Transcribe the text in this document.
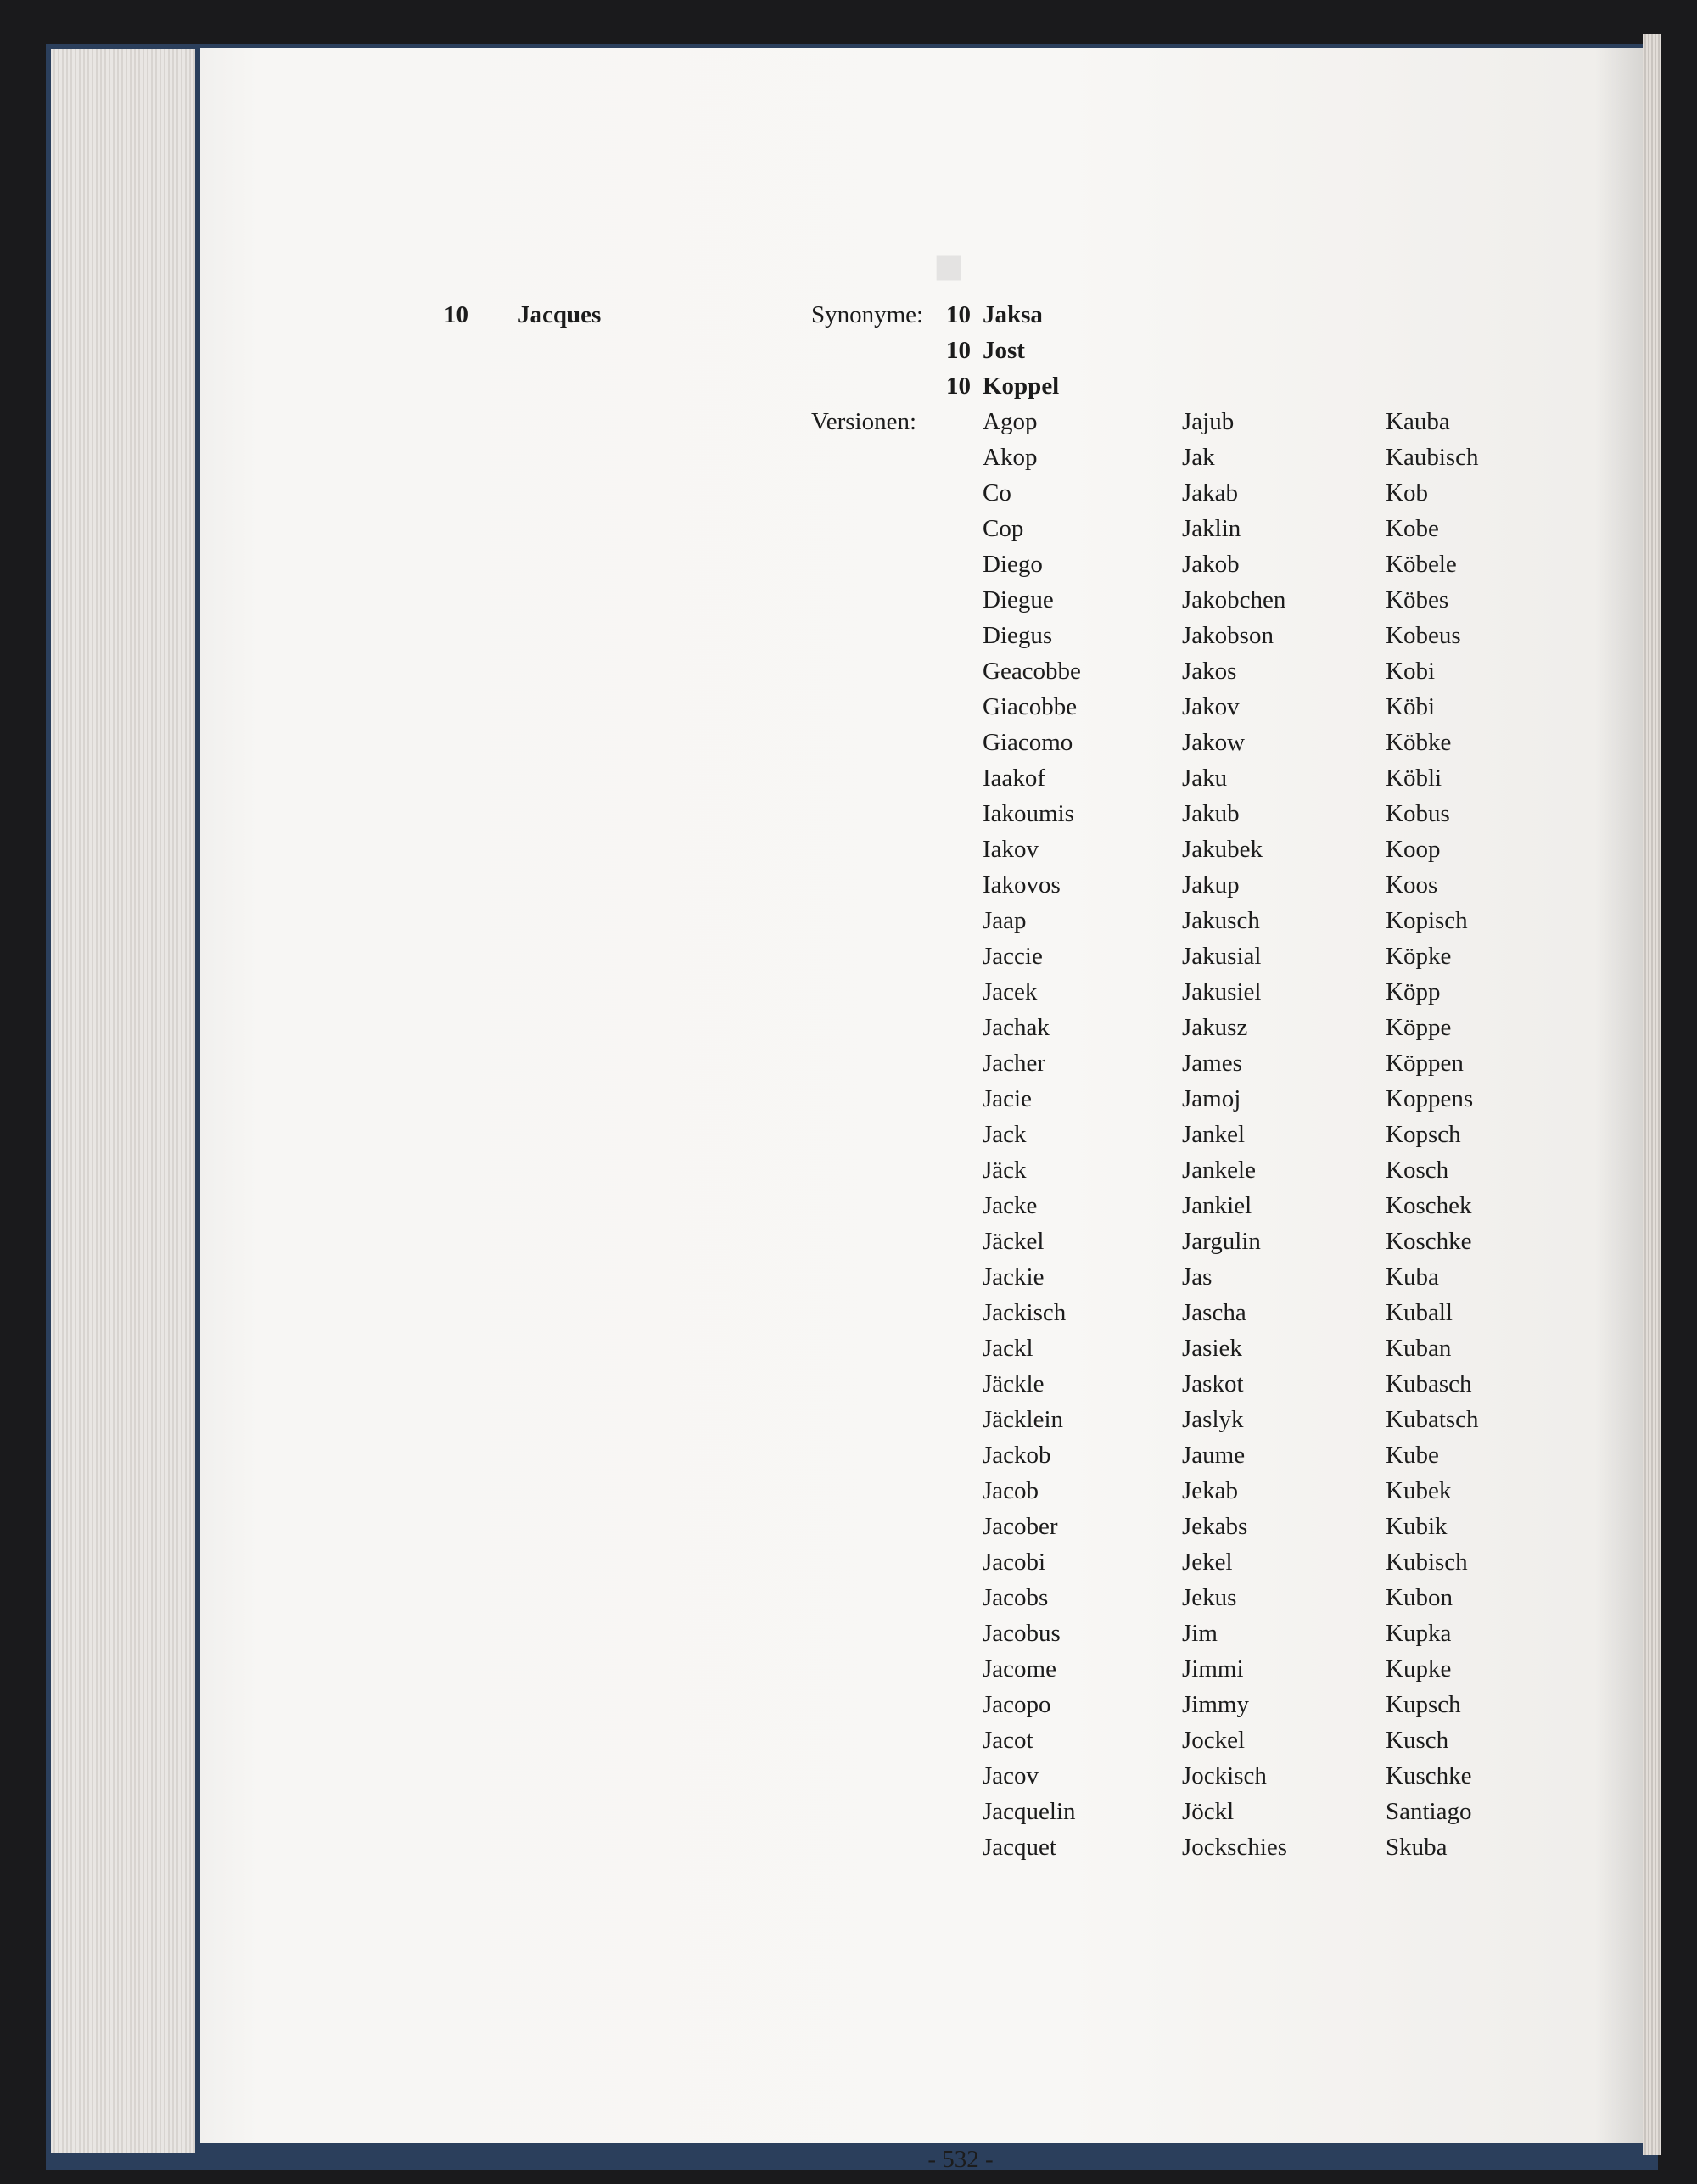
■
10 Jacques	Synonyme: 10 Jaksa
10 Jost
10 Koppel
Versionen:	Agop
Akop
Co
Cop
Diego
Diegue
Diegus
Geacobbe
Giacobbe
Giacomo
Iaakof
Iakoumis
Iakov
Iakovos
Jaap
Jaccie
Jacek
Jachak
Jacher
Jacie
Jack
Jäck
Jacke
Jäckel
Jackie
Jackisch
Jackl
Jäckle
Jäcklein
Jackob
Jacob
Jacober
Jacobi
Jacobs
Jacobus
Jacome
Jacopo
Jacot
Jacov
Jacquelin
Jacquet
Jajub
Jak
Jakab
Jaklin
Jakob
Jakobchen
Jakobson
Jakos
Jakov
Jakow
Jaku
Jakub
Jakubek
Jakup
Jakusch
Jakusial
Jakusiel
Jakusz
James
Jamoj
Jankel
Jankele
Jankiel
Jargulin
Jas
Jascha
Jasiek
Jaskot
Jaslyk
Jaume
Jekab
Jekabs
Jekel
Jekus
Jim
Jimmi
Jimmy
Jockel
Jockisch
Jöckl
Jockschies
Kauba
Kaubisch
Kob
Kobe
Köbele
Köbes
Kobeus
Kobi
Köbi
Köbke
Köbli
Kobus
Koop
Koos
Kopisch
Köpke
Köpp
Köppe
Köppen
Koppens
Kopsch
Kosch
Koschek
Koschke
Kuba
Kuball
Kuban
Kubasch
Kubatsch
Kube
Kubek
Kubik
Kubisch
Kubon
Kupka
Kupke
Kupsch
Kusch
Kuschke
Santiago
Skuba
- 532 -
